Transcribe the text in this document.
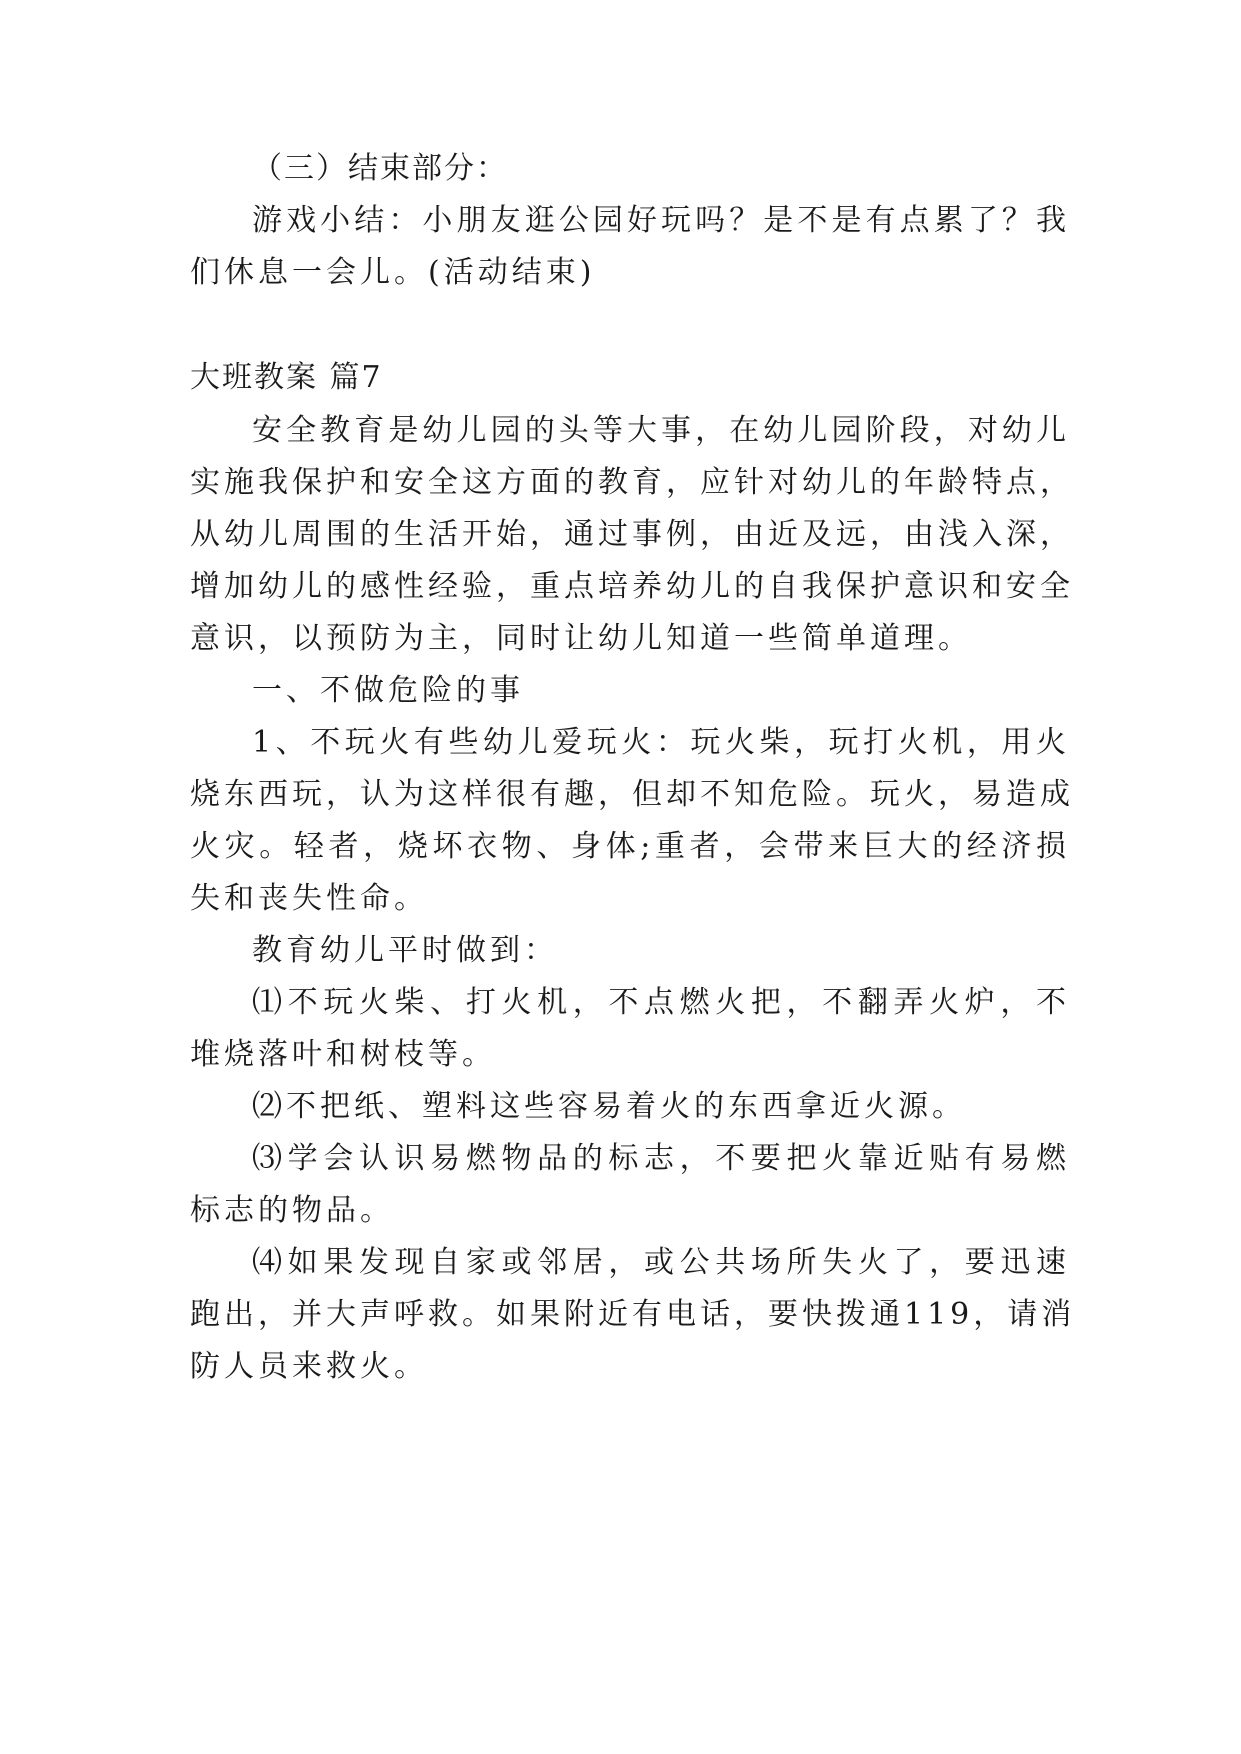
（三）结束部分：
游戏小结：小朋友逛公园好玩吗？是不是有点累了？我
们休息一会儿。(活动结束)
大班教案 篇7
安全教育是幼儿园的头等大事，在幼儿园阶段，对幼儿
实施我保护和安全这方面的教育，应针对幼儿的年龄特点，
从幼儿周围的生活开始，通过事例，由近及远，由浅入深，
增加幼儿的感性经验，重点培养幼儿的自我保护意识和安全
意识，以预防为主，同时让幼儿知道一些简单道理。
一、不做危险的事
1、不玩火有些幼儿爱玩火：玩火柴，玩打火机，用火
烧东西玩，认为这样很有趣，但却不知危险。玩火，易造成
火灾。轻者，烧坏衣物、身体;重者，会带来巨大的经济损
失和丧失性命。
教育幼儿平时做到：
⑴不玩火柴、打火机，不点燃火把，不翻弄火炉，不
堆烧落叶和树枝等。
⑵不把纸、塑料这些容易着火的东西拿近火源。
⑶学会认识易燃物品的标志，不要把火靠近贴有易燃
标志的物品。
⑷如果发现自家或邻居，或公共场所失火了，要迅速
跑出，并大声呼救。如果附近有电话，要快拨通119，请消
防人员来救火。
